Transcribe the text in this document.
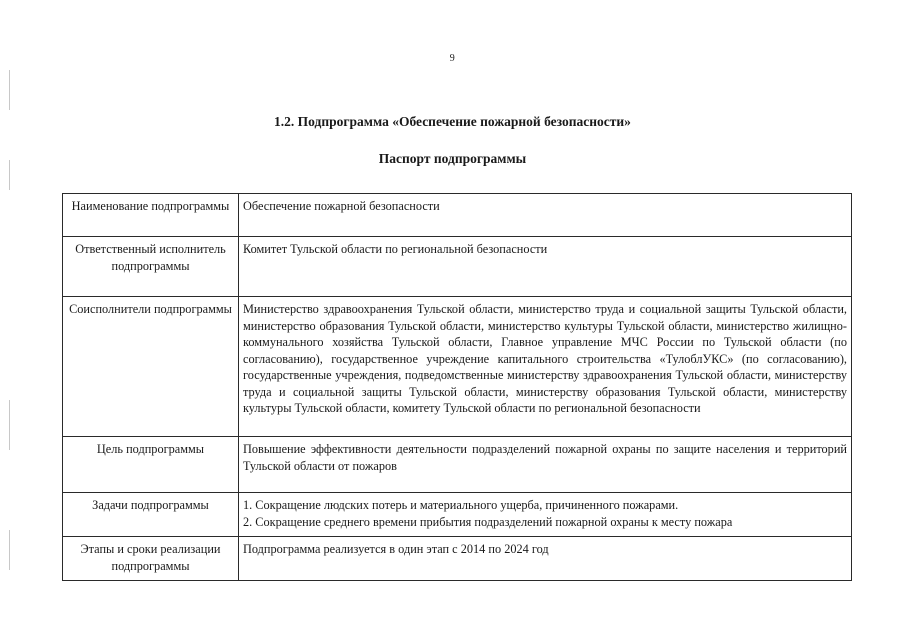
9
1.2. Подпрограмма «Обеспечение пожарной безопасности»
Паспорт подпрограммы
Наименование подпрограммы	Обеспечение пожарной безопасности
Ответственный исполнитель подпрограммы	Комитет Тульской области по региональной безопасности
Соисполнители подпрограммы	Министерство здравоохранения Тульской области, министерство труда и социальной защиты Тульской области, министерство образования Тульской области, министерство культуры Тульской области, министерство жилищно-коммунального хозяйства Тульской области, Главное управление МЧС России по Тульской области (по согласованию), государственное учреждение капитального строительства «ТулоблУКС» (по согласованию), государственные учреждения, подведомственные министерству здравоохранения Тульской области, министерству труда и социальной защиты Тульской области, министерству образования Тульской области, министерству культуры Тульской области, комитету Тульской области по региональной безопасности
Цель подпрограммы	Повышение эффективности деятельности подразделений пожарной охраны по защите населения и территорий Тульской области от пожаров
Задачи подпрограммы	1. Сокращение людских потерь и материального ущерба, причиненного пожарами.
2. Сокращение среднего времени прибытия подразделений пожарной охраны к месту пожара

Этапы и сроки реализации подпрограммы	Подпрограмма реализуется в один этап с 2014 по 2024 год
